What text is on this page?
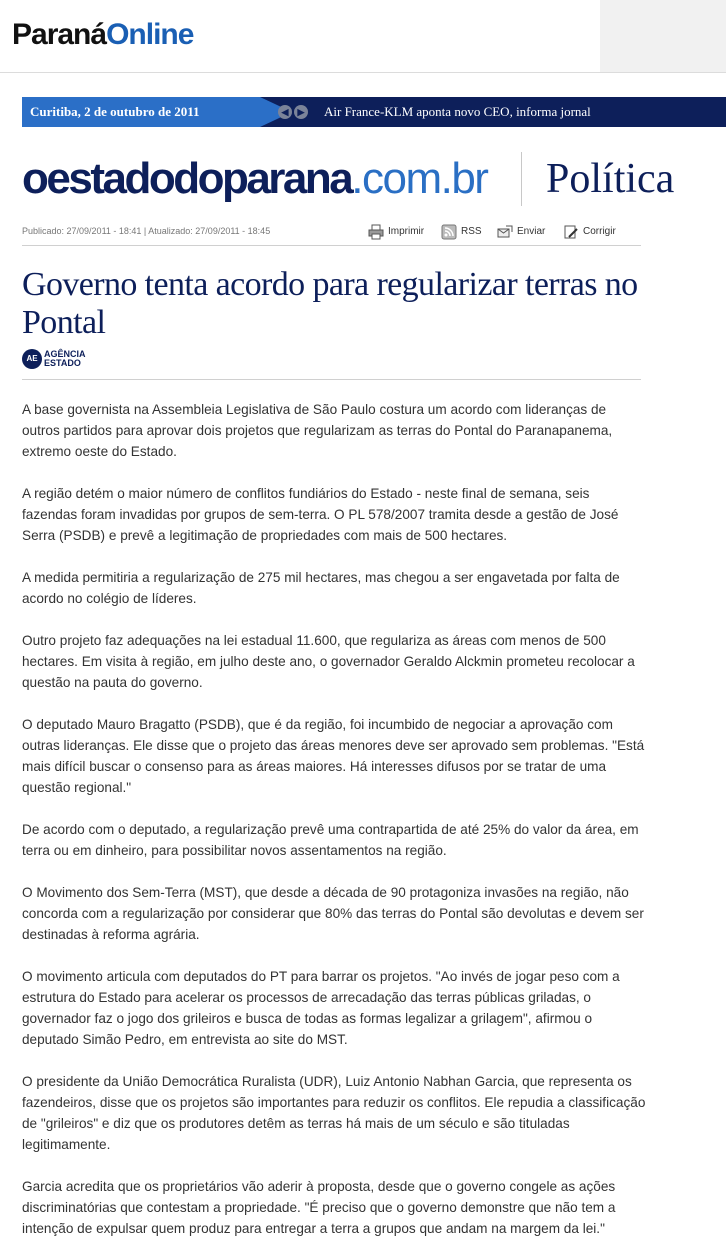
ParanáOnline
Curitiba, 2 de outubro de 2011	◀	▶ Air France-KLM aponta novo CEO, informa jornal
oestadodoparana.com.br Política
Publicado: 27/09/2011 - 18:41 | Atualizado: 27/09/2011 - 18:45	Imprimir	RSS	Enviar	Corrigir
Governo tenta acordo para regularizar terras no Pontal
AE AGÊNCIA
ESTADO

A base governista na Assembleia Legislativa de São Paulo costura um acordo com lideranças de outros partidos para aprovar dois projetos que regularizam as terras do Pontal do Paranapanema, extremo oeste do Estado.

A região detém o maior número de conflitos fundiários do Estado - neste final de semana, seis fazendas foram invadidas por grupos de sem-terra. O PL 578/2007 tramita desde a gestão de José Serra (PSDB) e prevê a legitimação de propriedades com mais de 500 hectares.

A medida permitiria a regularização de 275 mil hectares, mas chegou a ser engavetada por falta de acordo no colégio de líderes.

Outro projeto faz adequações na lei estadual 11.600, que regulariza as áreas com menos de 500 hectares. Em visita à região, em julho deste ano, o governador Geraldo Alckmin prometeu recolocar a questão na pauta do governo.

O deputado Mauro Bragatto (PSDB), que é da região, foi incumbido de negociar a aprovação com outras lideranças. Ele disse que o projeto das áreas menores deve ser aprovado sem problemas. "Está mais difícil buscar o consenso para as áreas maiores. Há interesses difusos por se tratar de uma questão regional."

De acordo com o deputado, a regularização prevê uma contrapartida de até 25% do valor da área, em terra ou em dinheiro, para possibilitar novos assentamentos na região.

O Movimento dos Sem-Terra (MST), que desde a década de 90 protagoniza invasões na região, não concorda com a regularização por considerar que 80% das terras do Pontal são devolutas e devem ser destinadas à reforma agrária.

O movimento articula com deputados do PT para barrar os projetos. "Ao invés de jogar peso com a estrutura do Estado para acelerar os processos de arrecadação das terras públicas griladas, o governador faz o jogo dos grileiros e busca de todas as formas legalizar a grilagem", afirmou o deputado Simão Pedro, em entrevista ao site do MST.

O presidente da União Democrática Ruralista (UDR), Luiz Antonio Nabhan Garcia, que representa os fazendeiros, disse que os projetos são importantes para reduzir os conflitos. Ele repudia a classificação de "grileiros" e diz que os produtores detêm as terras há mais de um século e são tituladas legitimamente.

Garcia acredita que os proprietários vão aderir à proposta, desde que o governo congele as ações discriminatórias que contestam a propriedade. "É preciso que o governo demonstre que não tem a intenção de expulsar quem produz para entregar a terra a grupos que andam na margem da lei."
